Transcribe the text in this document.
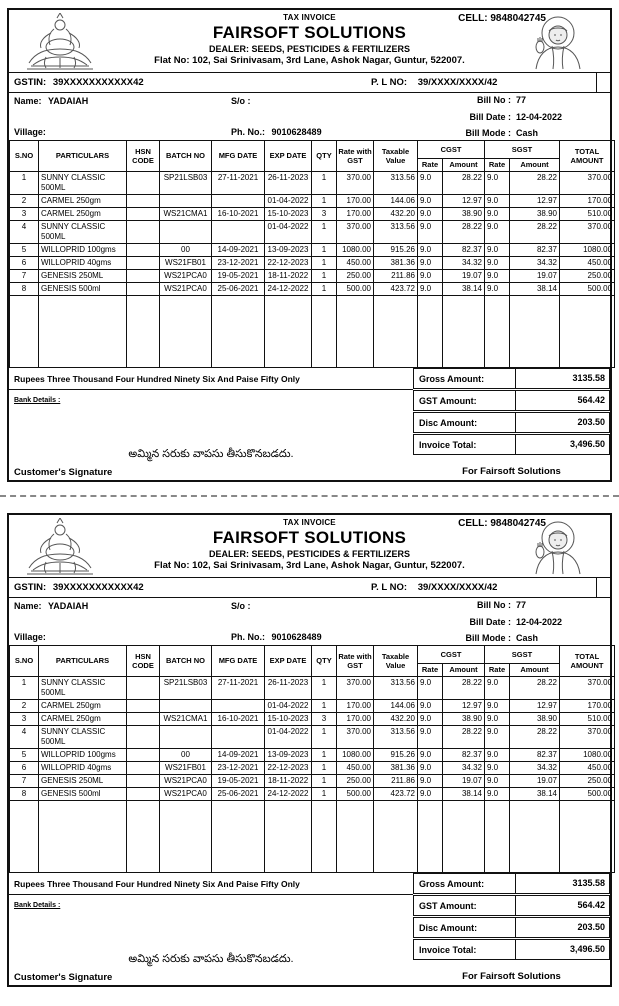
TAX INVOICE
FAIRSOFT SOLUTIONS
DEALER: SEEDS, PESTICIDES & FERTILIZERS
Flat No: 102, Sai Srinivasam, 3rd Lane, Ashok Nagar, Guntur, 522007.
CELL: 9848042745
GSTIN: 39XXXXXXXXXXX42	P. L NO: 39/XXXX/XXXX/42
Name: YADAIAH
Village:
S/o :
Ph. No.: 9010628489
Bill No : 77
Bill Date : 12-04-2022
Bill Mode : Cash
S.NO	PARTICULARS	HSN CODE	BATCH NO	MFG DATE	EXP DATE	QTY	Rate with GST	Taxable Value	CGST		SGST		TOTAL AMOUNT
									Rate	Amount	Rate	Amount	
1	SUNNY CLASSIC 500ML		SP21LSB03	27-11-2021	26-11-2023	1	370.00	313.56	9.0	28.22	9.0	28.22	370.00
2	CARMEL 250gm				01-04-2022	1	170.00	144.06	9.0	12.97	9.0	12.97	170.00
3	CARMEL 250gm		WS21CMA1	16-10-2021	15-10-2023	3	170.00	432.20	9.0	38.90	9.0	38.90	510.00
4	SUNNY CLASSIC 500ML				01-04-2022	1	370.00	313.56	9.0	28.22	9.0	28.22	370.00
5	WILLOPRID 100gms		00	14-09-2021	13-09-2023	1	1080.00	915.26	9.0	82.37	9.0	82.37	1080.00
6	WILLOPRID 40gms		WS21FB01	23-12-2021	22-12-2023	1	450.00	381.36	9.0	34.32	9.0	34.32	450.00
7	GENESIS 250ML		WS21PCA0	19-05-2021	18-11-2022	1	250.00	211.86	9.0	19.07	9.0	19.07	250.00
8	GENESIS 500ml		WS21PCA0	25-06-2021	24-12-2022	1	500.00	423.72	9.0	38.14	9.0	38.14	500.00

Rupees Three Thousand Four Hundred Ninety Six And Paise Fifty Only
Bank Details :
అమ్మిన సరుకు వాపసు తీసుకొనబడదు.
Customer's Signature
Gross Amount:	3135.58
GST Amount:	564.42
Disc Amount:	203.50
Invoice Total:	3,496.50
For Fairsoft Solutions
TAX INVOICE
FAIRSOFT SOLUTIONS
DEALER: SEEDS, PESTICIDES & FERTILIZERS
Flat No: 102, Sai Srinivasam, 3rd Lane, Ashok Nagar, Guntur, 522007.
CELL: 9848042745
GSTIN: 39XXXXXXXXXXX42	P. L NO: 39/XXXX/XXXX/42
Name: YADAIAH
Village:
S/o :
Ph. No.: 9010628489
Bill No : 77
Bill Date : 12-04-2022
Bill Mode : Cash
S.NO	PARTICULARS	HSN CODE	BATCH NO	MFG DATE	EXP DATE	QTY	Rate with GST	Taxable Value	CGST		SGST		TOTAL AMOUNT
									Rate	Amount	Rate	Amount	
1	SUNNY CLASSIC 500ML		SP21LSB03	27-11-2021	26-11-2023	1	370.00	313.56	9.0	28.22	9.0	28.22	370.00
2	CARMEL 250gm				01-04-2022	1	170.00	144.06	9.0	12.97	9.0	12.97	170.00
3	CARMEL 250gm		WS21CMA1	16-10-2021	15-10-2023	3	170.00	432.20	9.0	38.90	9.0	38.90	510.00
4	SUNNY CLASSIC 500ML				01-04-2022	1	370.00	313.56	9.0	28.22	9.0	28.22	370.00
5	WILLOPRID 100gms		00	14-09-2021	13-09-2023	1	1080.00	915.26	9.0	82.37	9.0	82.37	1080.00
6	WILLOPRID 40gms		WS21FB01	23-12-2021	22-12-2023	1	450.00	381.36	9.0	34.32	9.0	34.32	450.00
7	GENESIS 250ML		WS21PCA0	19-05-2021	18-11-2022	1	250.00	211.86	9.0	19.07	9.0	19.07	250.00
8	GENESIS 500ml		WS21PCA0	25-06-2021	24-12-2022	1	500.00	423.72	9.0	38.14	9.0	38.14	500.00

Rupees Three Thousand Four Hundred Ninety Six And Paise Fifty Only
Bank Details :
అమ్మిన సరుకు వాపసు తీసుకొనబడదు.
Customer's Signature
Gross Amount:	3135.58
GST Amount:	564.42
Disc Amount:	203.50
Invoice Total:	3,496.50
For Fairsoft Solutions
